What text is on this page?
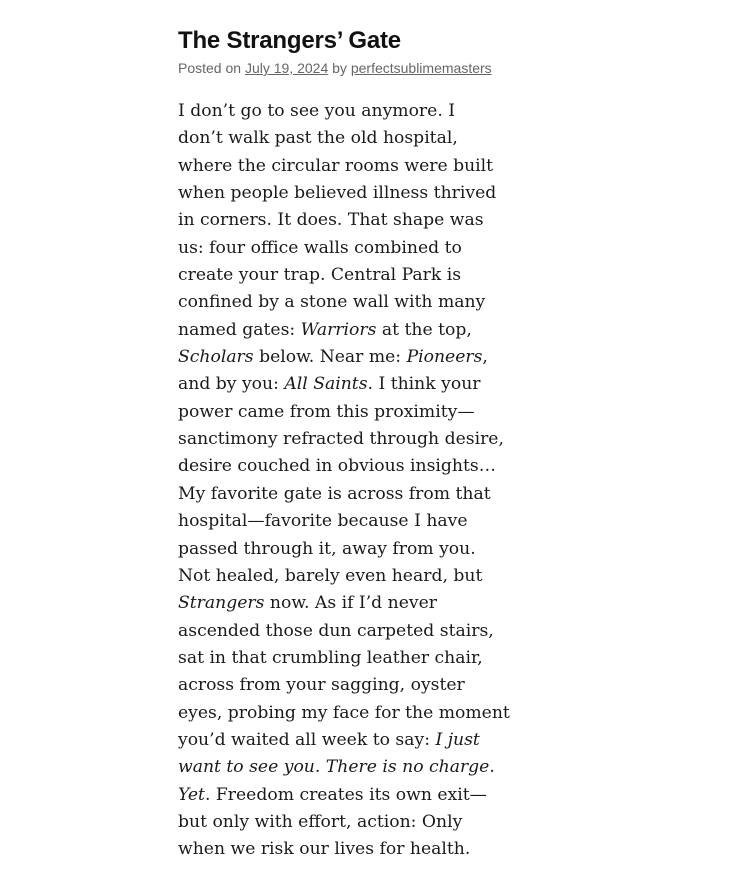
The Strangers’ Gate
Posted on July 19, 2024 by perfectsublimemasters
I don’t go to see you anymore. I
don’t walk past the old hospital,
where the circular rooms were built
when people believed illness thrived
in corners. It does. That shape was
us: four office walls combined to
create your trap. Central Park is
confined by a stone wall with many
named gates: Warriors at the top,
Scholars below. Near me: Pioneers,
and by you: All Saints. I think your
power came from this proximity—
sanctimony refracted through desire,
desire couched in obvious insights…
My favorite gate is across from that
hospital—favorite because I have
passed through it, away from you.
Not healed, barely even heard, but
Strangers now. As if I’d never
ascended those dun carpeted stairs,
sat in that crumbling leather chair,
across from your sagging, oyster
eyes, probing my face for the moment
you’d waited all week to say: I just
want to see you. There is no charge.
Yet. Freedom creates its own exit—
but only with effort, action: Only
when we risk our lives for health.
